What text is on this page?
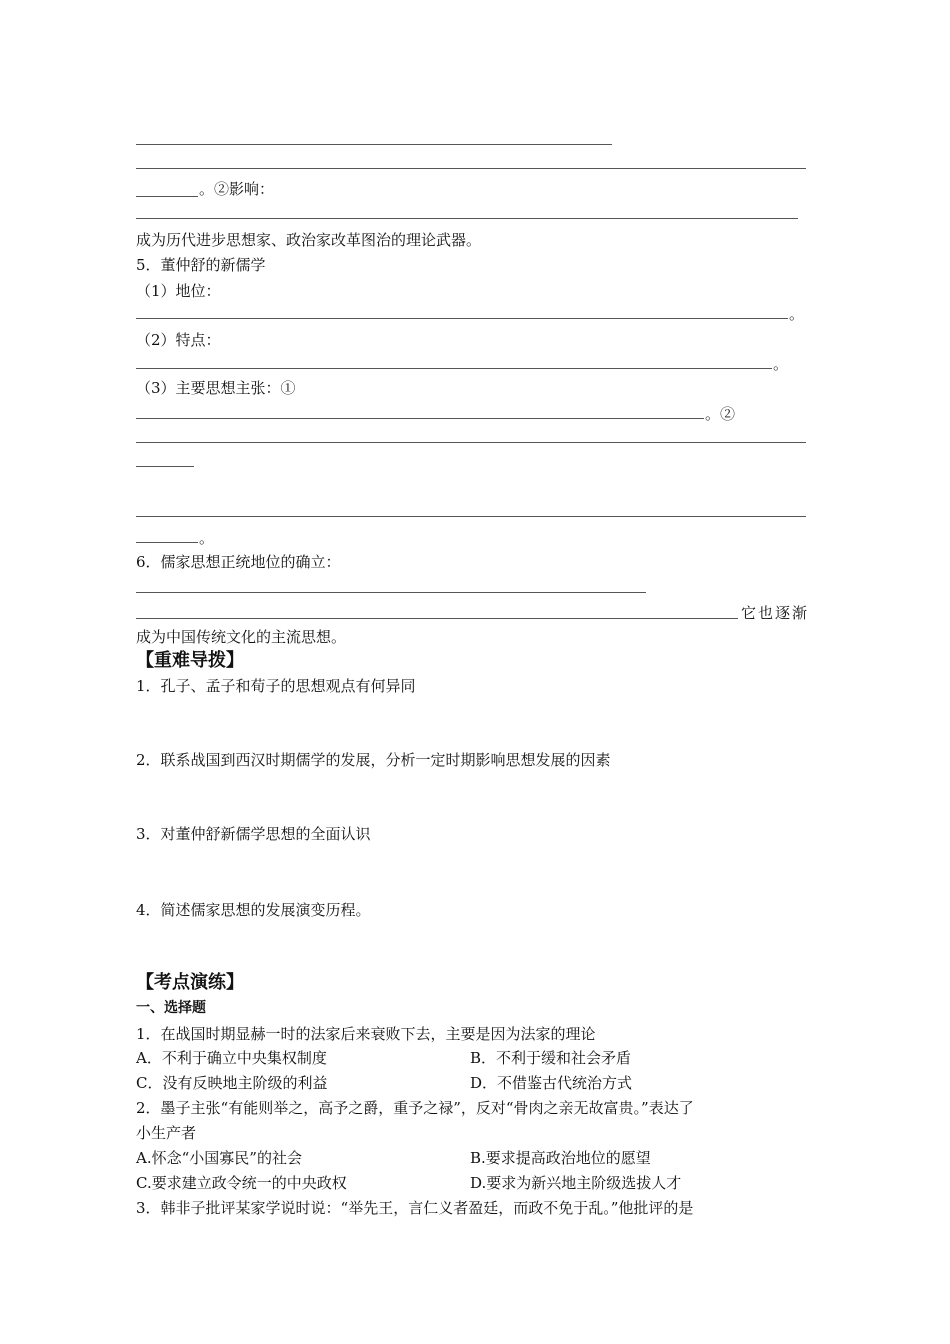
。②影响：
成为历代进步思想家、政治家改革图治的理论武器。
5．董仲舒的新儒学
（1）地位：
。
（2）特点：
。
（3）主要思想主张：①
。②
。
6．儒家思想正统地位的确立：
它也逐渐
成为中国传统文化的主流思想。
【重难导拨】
1．孔子、孟子和荀子的思想观点有何异同
2．联系战国到西汉时期儒学的发展，分析一定时期影响思想发展的因素
3．对董仲舒新儒学思想的全面认识
4．简述儒家思想的发展演变历程。
【考点演练】
一、选择题
1．在战国时期显赫一时的法家后来衰败下去，主要是因为法家的理论
A．不利于确立中央集权制度	B．不利于缓和社会矛盾
C．没有反映地主阶级的利益	D．不借鉴古代统治方式
2．墨子主张“有能则举之，高予之爵，重予之禄”，反对“骨肉之亲无故富贵。”表达了
小生产者
A.怀念“小国寡民”的社会	B.要求提高政治地位的愿望
C.要求建立政令统一的中央政权	D.要求为新兴地主阶级选拔人才
3．韩非子批评某家学说时说：“举先王，言仁义者盈廷，而政不免于乱。”他批评的是
